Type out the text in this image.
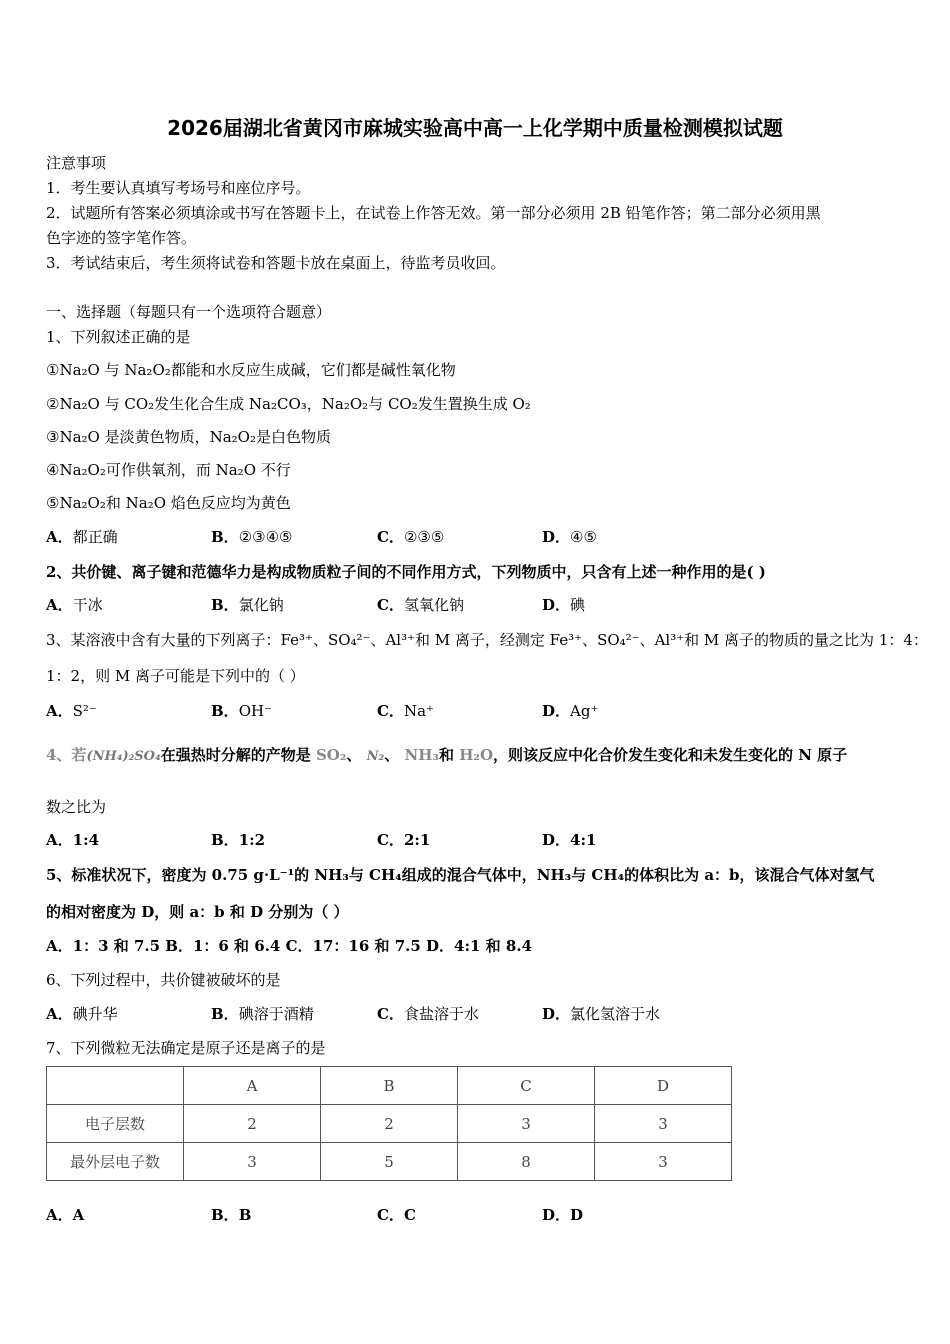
2026届湖北省黄冈市麻城实验高中高一上化学期中质量检测模拟试题
注意事项
1．考生要认真填写考场号和座位序号。
2．试题所有答案必须填涂或书写在答题卡上，在试卷上作答无效。第一部分必须用 2B 铅笔作答；第二部分必须用黑
色字迹的签字笔作答。
3．考试结束后，考生须将试卷和答题卡放在桌面上，待监考员收回。
一、选择题（每题只有一个选项符合题意）
1、下列叙述正确的是
①Na₂O 与 Na₂O₂都能和水反应生成碱，它们都是碱性氧化物
②Na₂O 与 CO₂发生化合生成 Na₂CO₃，Na₂O₂与 CO₂发生置换生成 O₂
③Na₂O 是淡黄色物质，Na₂O₂是白色物质
④Na₂O₂可作供氧剂，而 Na₂O 不行
⑤Na₂O₂和 Na₂O 焰色反应均为黄色
A．都正确	B．②③④⑤	C．②③⑤	D．④⑤
2、共价键、离子键和范德华力是构成物质粒子间的不同作用方式，下列物质中，只含有上述一种作用的是( )
A．干冰	B．氯化钠	C．氢氧化钠	D．碘
3、某溶液中含有大量的下列离子：Fe³⁺、SO₄²⁻、Al³⁺和 M 离子，经测定 Fe³⁺、SO₄²⁻、Al³⁺和 M 离子的物质的量之比为 1：4：
1：2，则 M 离子可能是下列中的（ ）
A．S²⁻	B．OH⁻	C．Na⁺	D．Ag⁺
4、若(NH₄)₂SO₄在强热时分解的产物是 SO₂、 N₂、 NH₃和 H₂O，则该反应中化合价发生变化和未发生变化的 N 原子
数之比为
A．1:4	B．1:2	C．2:1	D．4:1
5、标准状况下，密度为 0.75 g·L⁻¹的 NH₃与 CH₄组成的混合气体中，NH₃与 CH₄的体积比为 a：b，该混合气体对氢气
的相对密度为 D，则 a：b 和 D 分别为（ ）
A．1：3 和 7.5 B．1：6 和 6.4 C．17：16 和 7.5 D．4:1 和 8.4
6、下列过程中，共价键被破坏的是
A．碘升华	B．碘溶于酒精	C．食盐溶于水	D．氯化氢溶于水
7、下列微粒无法确定是原子还是离子的是
	A	B	C	D
电子层数	2	2	3	3
最外层电子数	3	5	8	3
A．A	B．B	C．C	D．D
